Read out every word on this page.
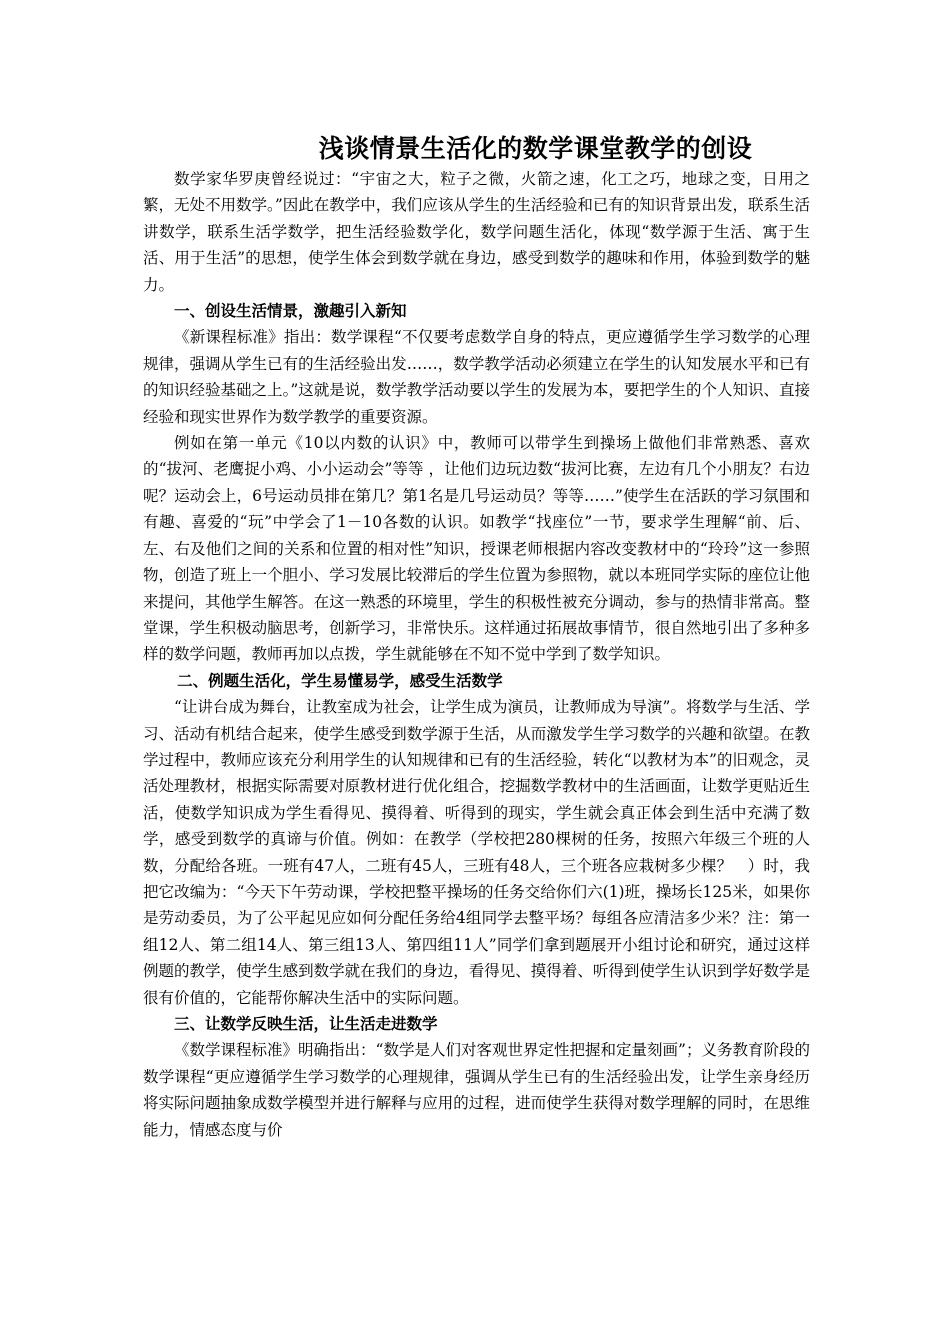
浅谈情景生活化的数学课堂教学的创设

数学家华罗庚曾经说过：“宇宙之大，粒子之微，火箭之速，化工之巧，地球之变，日用之繁，无处不用数学。”因此在教学中，我们应该从学生的生活经验和已有的知识背景出发，联系生活讲数学，联系生活学数学，把生活经验数学化，数学问题生活化，体现“数学源于生活、寓于生活、用于生活”的思想，使学生体会到数学就在身边，感受到数学的趣味和作用，体验到数学的魅力。

一、创设生活情景，激趣引入新知

《新课程标准》指出：数学课程“不仅要考虑数学自身的特点，更应遵循学生学习数学的心理规律，强调从学生已有的生活经验出发……，数学教学活动必须建立在学生的认知发展水平和已有的知识经验基础之上。”这就是说，数学教学活动要以学生的发展为本，要把学生的个人知识、直接经验和现实世界作为数学教学的重要资源。

例如在第一单元《10以内数的认识》中，教师可以带学生到操场上做他们非常熟悉、喜欢的“拔河、老鹰捉小鸡、小小运动会”等等 ，让他们边玩边数“拔河比赛，左边有几个小朋友？右边呢？运动会上，6号运动员排在第几？第1名是几号运动员？等等……”使学生在活跃的学习氛围和有趣、喜爱的“玩”中学会了1－10各数的认识。如教学“找座位”一节，要求学生理解“前、后、左、右及他们之间的关系和位置的相对性”知识，授课老师根据内容改变教材中的“玲玲”这一参照物，创造了班上一个胆小、学习发展比较滞后的学生位置为参照物，就以本班同学实际的座位让他来提问，其他学生解答。在这一熟悉的环境里，学生的积极性被充分调动，参与的热情非常高。整堂课，学生积极动脑思考，创新学习，非常快乐。这样通过拓展故事情节，很自然地引出了多种多样的数学问题，教师再加以点拨，学生就能够在不知不觉中学到了数学知识。

二、例题生活化，学生易懂易学，感受生活数学

“让讲台成为舞台，让教室成为社会，让学生成为演员，让教师成为导演”。将数学与生活、学习、活动有机结合起来，使学生感受到数学源于生活，从而激发学生学习数学的兴趣和欲望。在教学过程中，教师应该充分利用学生的认知规律和已有的生活经验，转化“以教材为本”的旧观念，灵活处理教材，根据实际需要对原教材进行优化组合，挖掘数学教材中的生活画面，让数学更贴近生活，使数学知识成为学生看得见、摸得着、听得到的现实，学生就会真正体会到生活中充满了数学，感受到数学的真谛与价值。例如：在教学（学校把280棵树的任务，按照六年级三个班的人数，分配给各班。一班有47人，二班有45人，三班有48人，三个班各应栽树多少棵？　）时，我把它改编为：“今天下午劳动课，学校把整平操场的任务交给你们六(1)班，操场长125米，如果你是劳动委员，为了公平起见应如何分配任务给4组同学去整平场？每组各应清洁多少米？注：第一组12人、第二组14人、第三组13人、第四组11人”同学们拿到题展开小组讨论和研究，通过这样例题的教学，使学生感到数学就在我们的身边，看得见、摸得着、听得到使学生认识到学好数学是很有价值的，它能帮你解决生活中的实际问题。

三、让数学反映生活，让生活走进数学

《数学课程标准》明确指出：“数学是人们对客观世界定性把握和定量刻画”；义务教育阶段的数学课程“更应遵循学生学习数学的心理规律，强调从学生已有的生活经验出发，让学生亲身经历将实际问题抽象成数学模型并进行解释与应用的过程，进而使学生获得对数学理解的同时，在思维能力，情感态度与价
